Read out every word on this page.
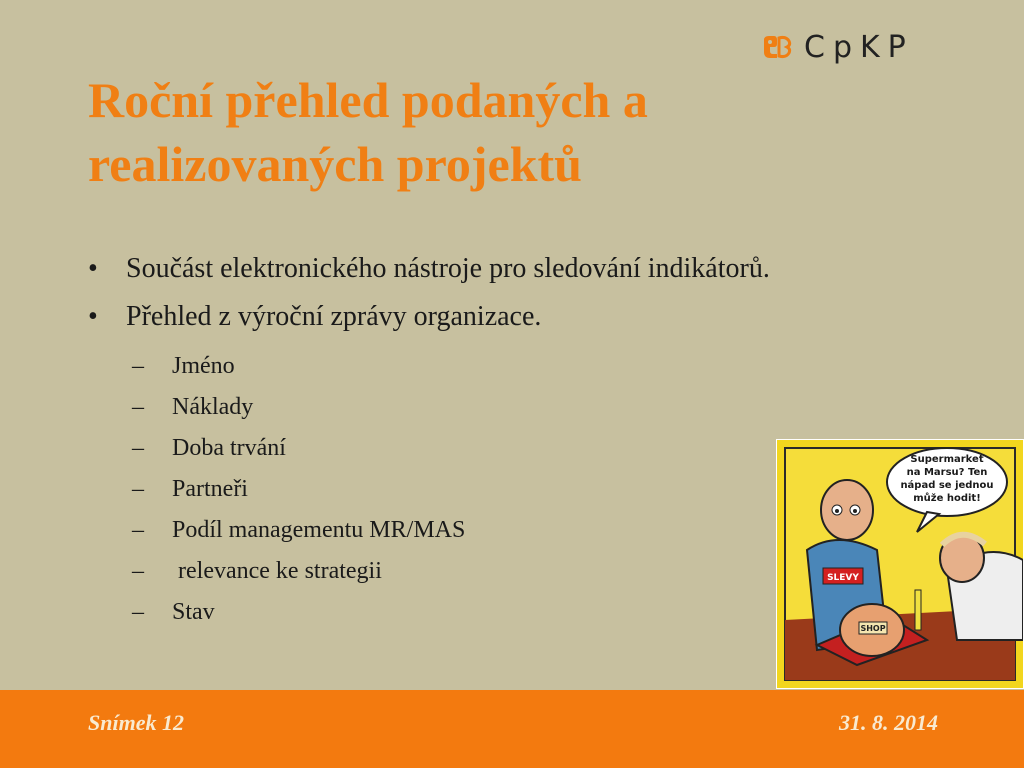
CpKP
Roční přehled podaných a realizovaných projektů
• Součást elektronického nástroje pro sledování indikátorů.
• Přehled z výroční zprávy organizace.
– Jméno
– Náklady
– Doba trvání
– Partneři
– Podíl managementu MR/MAS
– relevance ke strategii
– Stav
Supermarket
na Marsu? Ten
nápad se jednou
může hodit!
SLEVY
SHOP
Snímek 12	31. 8. 2014
